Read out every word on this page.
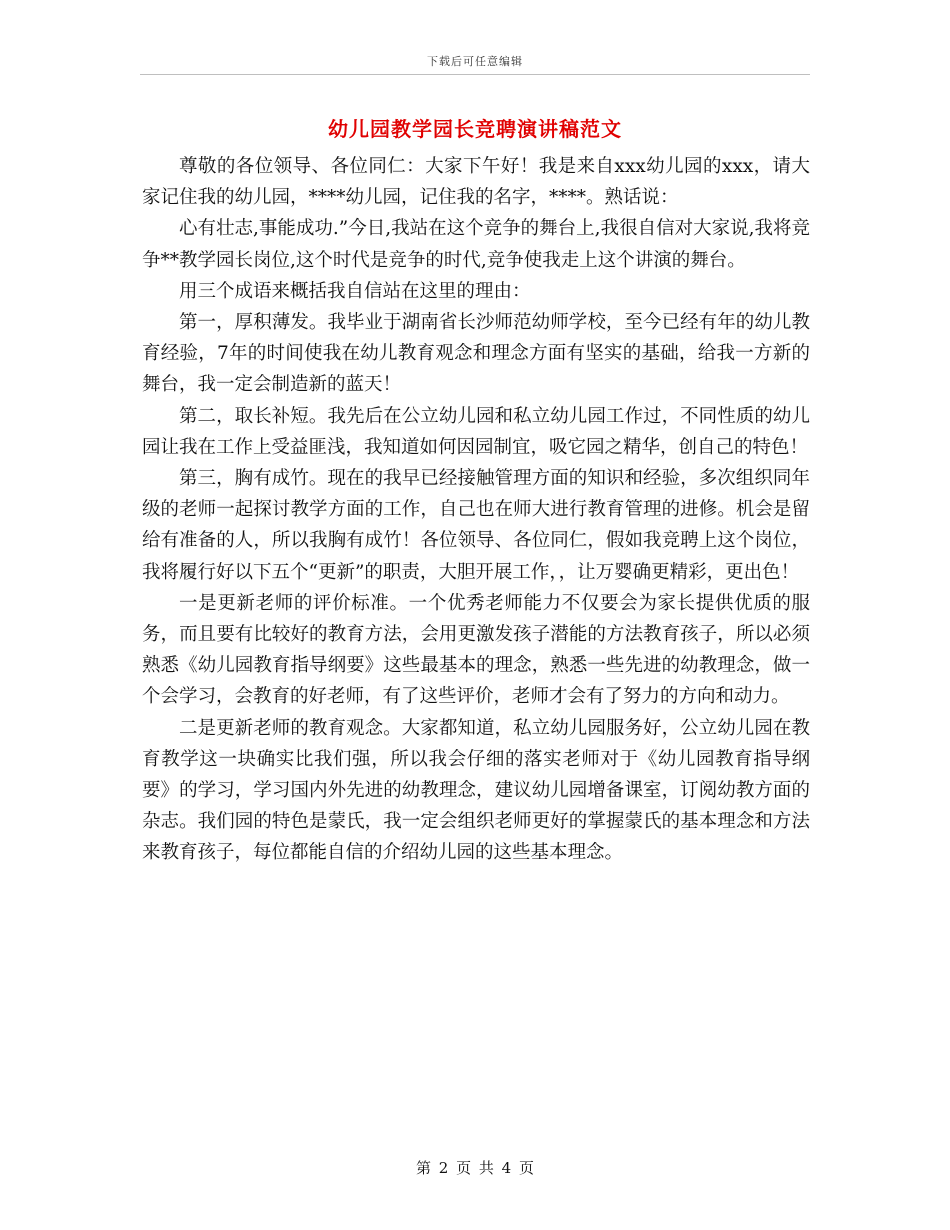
下载后可任意编辑
幼儿园教学园长竞聘演讲稿范文

尊敬的各位领导、各位同仁：大家下午好！我是来自xxx幼儿园的xxx，请大家记住我的幼儿园，****幼儿园，记住我的名字，****。熟话说：

心有壮志,事能成功.”今日,我站在这个竞争的舞台上,我很自信对大家说,我将竞争**教学园长岗位,这个时代是竞争的时代,竞争使我走上这个讲演的舞台。

用三个成语来概括我自信站在这里的理由：

第一，厚积薄发。我毕业于湖南省长沙师范幼师学校，至今已经有年的幼儿教育经验，7年的时间使我在幼儿教育观念和理念方面有坚实的基础，给我一方新的舞台，我一定会制造新的蓝天！

第二，取长补短。我先后在公立幼儿园和私立幼儿园工作过，不同性质的幼儿园让我在工作上受益匪浅，我知道如何因园制宜，吸它园之精华，创自己的特色！

第三，胸有成竹。现在的我早已经接触管理方面的知识和经验，多次组织同年级的老师一起探讨教学方面的工作，自己也在师大进行教育管理的进修。机会是留给有准备的人，所以我胸有成竹！各位领导、各位同仁，假如我竞聘上这个岗位，我将履行好以下五个“更新”的职责，大胆开展工作，，让万婴确更精彩，更出色！

一是更新老师的评价标准。一个优秀老师能力不仅要会为家长提供优质的服务，而且要有比较好的教育方法，会用更激发孩子潜能的方法教育孩子，所以必须熟悉《幼儿园教育指导纲要》这些最基本的理念，熟悉一些先进的幼教理念，做一个会学习，会教育的好老师，有了这些评价，老师才会有了努力的方向和动力。

二是更新老师的教育观念。大家都知道，私立幼儿园服务好，公立幼儿园在教育教学这一块确实比我们强，所以我会仔细的落实老师对于《幼儿园教育指导纲要》的学习，学习国内外先进的幼教理念，建议幼儿园增备课室，订阅幼教方面的杂志。我们园的特色是蒙氏，我一定会组织老师更好的掌握蒙氏的基本理念和方法来教育孩子，每位都能自信的介绍幼儿园的这些基本理念。

第 2 页 共 4 页
